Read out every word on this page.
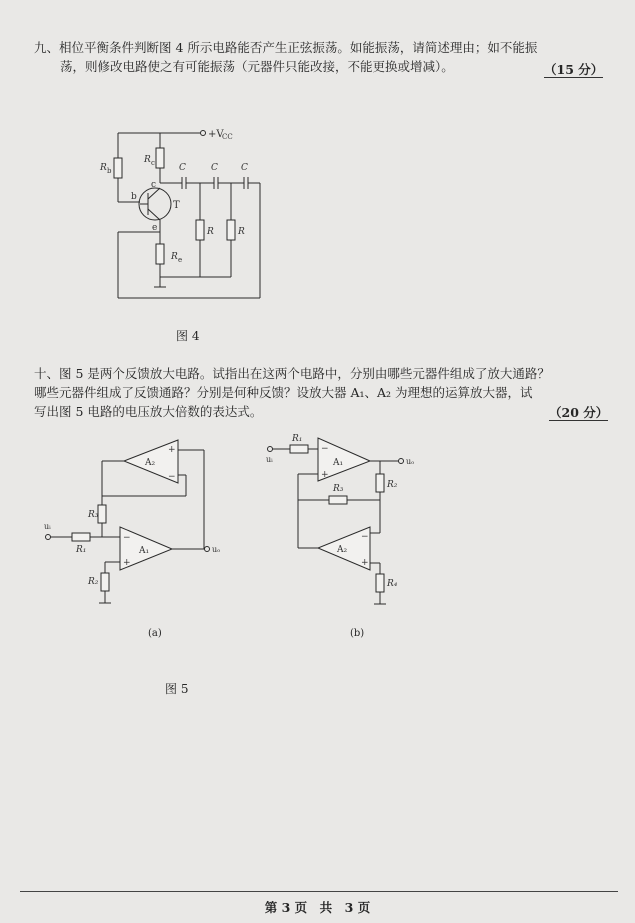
九、相位平衡条件判断图 4 所示电路能否产生正弦振荡。如能振荡，请简述理由；如不能振
荡，则修改电路使之有可能振荡（元器件只能改接，不能更换或增减）。	（15 分）
+V
CC
R b
b
R c
c
T
e
C	C	C
R	R
R e
图 4
十、图 5 是两个反馈放大电路。试指出在这两个电路中，分别由哪些元器件组成了放大通路？
哪些元器件组成了反馈通路？分别是何种反馈？设放大器 A₁、A₂ 为理想的运算放大器，试
写出图 5 电路的电压放大倍数的表达式。	（20 分）
A₂
+
−
R₃
A₁
−
+
uₒ
uᵢ
R₁
R₂
uᵢ
R₁
A₁
−
+
uₒ
R₃	R₂
A₂
−
+
R₄
(a)	(b)
图 5
第 3 页　共　3 页
